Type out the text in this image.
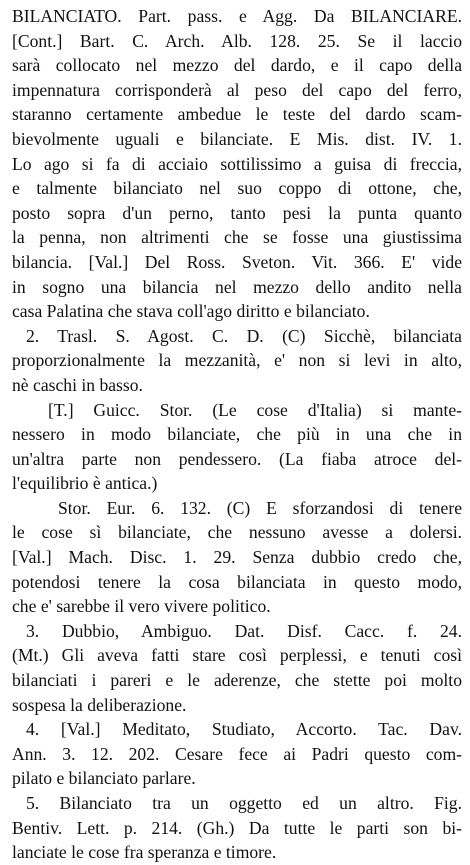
BILANCIATO. Part. pass. e Agg. Da BILANCIARE.
[Cont.] Bart. C. Arch. Alb. 128. 25. Se il laccio
sarà collocato nel mezzo del dardo, e il capo della
impennatura corrisponderà al peso del capo del ferro,
staranno certamente ambedue le teste del dardo scam-
bievolmente uguali e bilanciate. E Mis. dist. IV. 1.
Lo ago si fa di acciaio sottilissimo a guisa di freccia,
e talmente bilanciato nel suo coppo di ottone, che,
posto sopra d'un perno, tanto pesi la punta quanto
la penna, non altrimenti che se fosse una giustissima
bilancia. [Val.] Del Ross. Sveton. Vit. 366. E' vide
in sogno una bilancia nel mezzo dello andito nella
casa Palatina che stava coll'ago diritto e bilanciato.
2. Trasl. S. Agost. C. D. (C) Sicchè, bilanciata
proporzionalmente la mezzanità, e' non si levi in alto,
nè caschi in basso.
[T.] Guicc. Stor. (Le cose d'Italia) si mante-
nessero in modo bilanciate, che più in una che in
un'altra parte non pendessero. (La fiaba atroce del-
l'equilibrio è antica.)
Stor. Eur. 6. 132. (C) E sforzandosi di tenere
le cose sì bilanciate, che nessuno avesse a dolersi.
[Val.] Mach. Disc. 1. 29. Senza dubbio credo che,
potendosi tenere la cosa bilanciata in questo modo,
che e' sarebbe il vero vivere politico.
3. Dubbio, Ambiguo. Dat. Disf. Cacc. f. 24.
(Mt.) Gli aveva fatti stare così perplessi, e tenuti così
bilanciati i pareri e le aderenze, che stette poi molto
sospesa la deliberazione.
4. [Val.] Meditato, Studiato, Accorto. Tac. Dav.
Ann. 3. 12. 202. Cesare fece ai Padri questo com-
pilato e bilanciato parlare.
5. Bilanciato tra un oggetto ed un altro. Fig.
Bentiv. Lett. p. 214. (Gh.) Da tutte le parti son bi-
lanciate le cose fra speranza e timore.
